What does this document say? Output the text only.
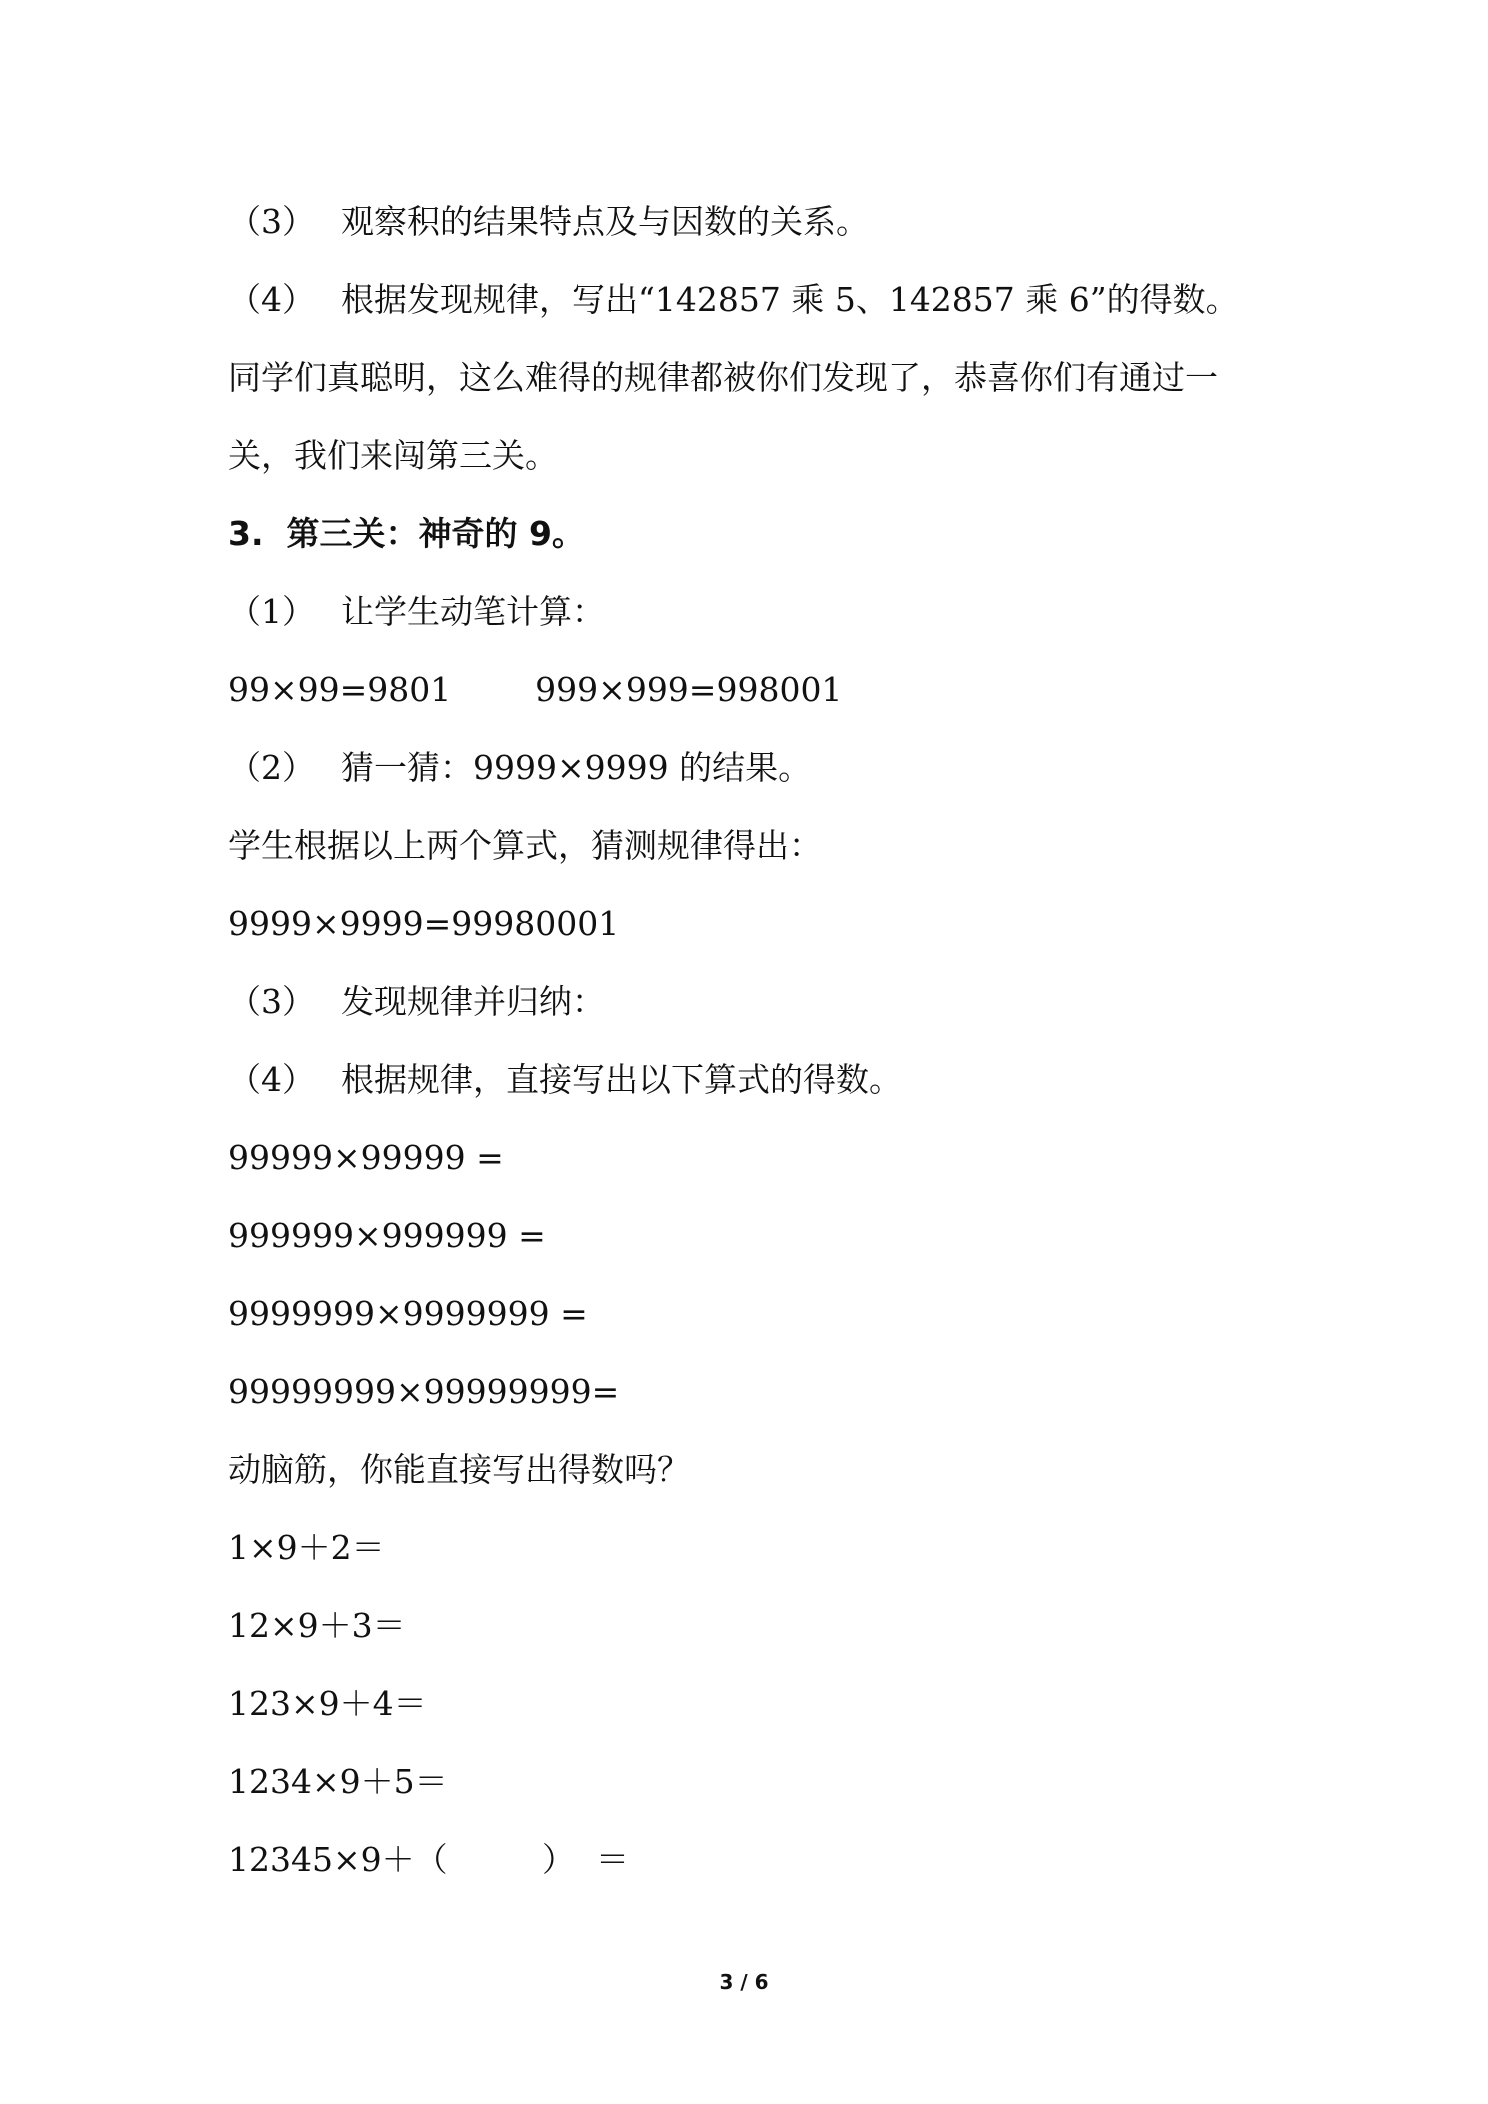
（3） 观察积的结果特点及与因数的关系。
（4） 根据发现规律，写出“142857 乘 5、142857 乘 6”的得数。
同学们真聪明，这么难得的规律都被你们发现了，恭喜你们有通过一
关，我们来闯第三关。
3.  第三关：神奇的 9。
（1） 让学生动笔计算：
99×99=9801        999×999=998001
（2） 猜一猜：9999×9999 的结果。
学生根据以上两个算式，猜测规律得出：
9999×9999=99980001
（3） 发现规律并归纳：
（4） 根据规律，直接写出以下算式的得数。
99999×99999 =
999999×999999 =
9999999×9999999 =
99999999×99999999=
动脑筋，你能直接写出得数吗？
1×9＋2＝
12×9＋3＝
123×9＋4＝
1234×9＋5＝
12345×9＋（         ）  ＝
3 / 6
